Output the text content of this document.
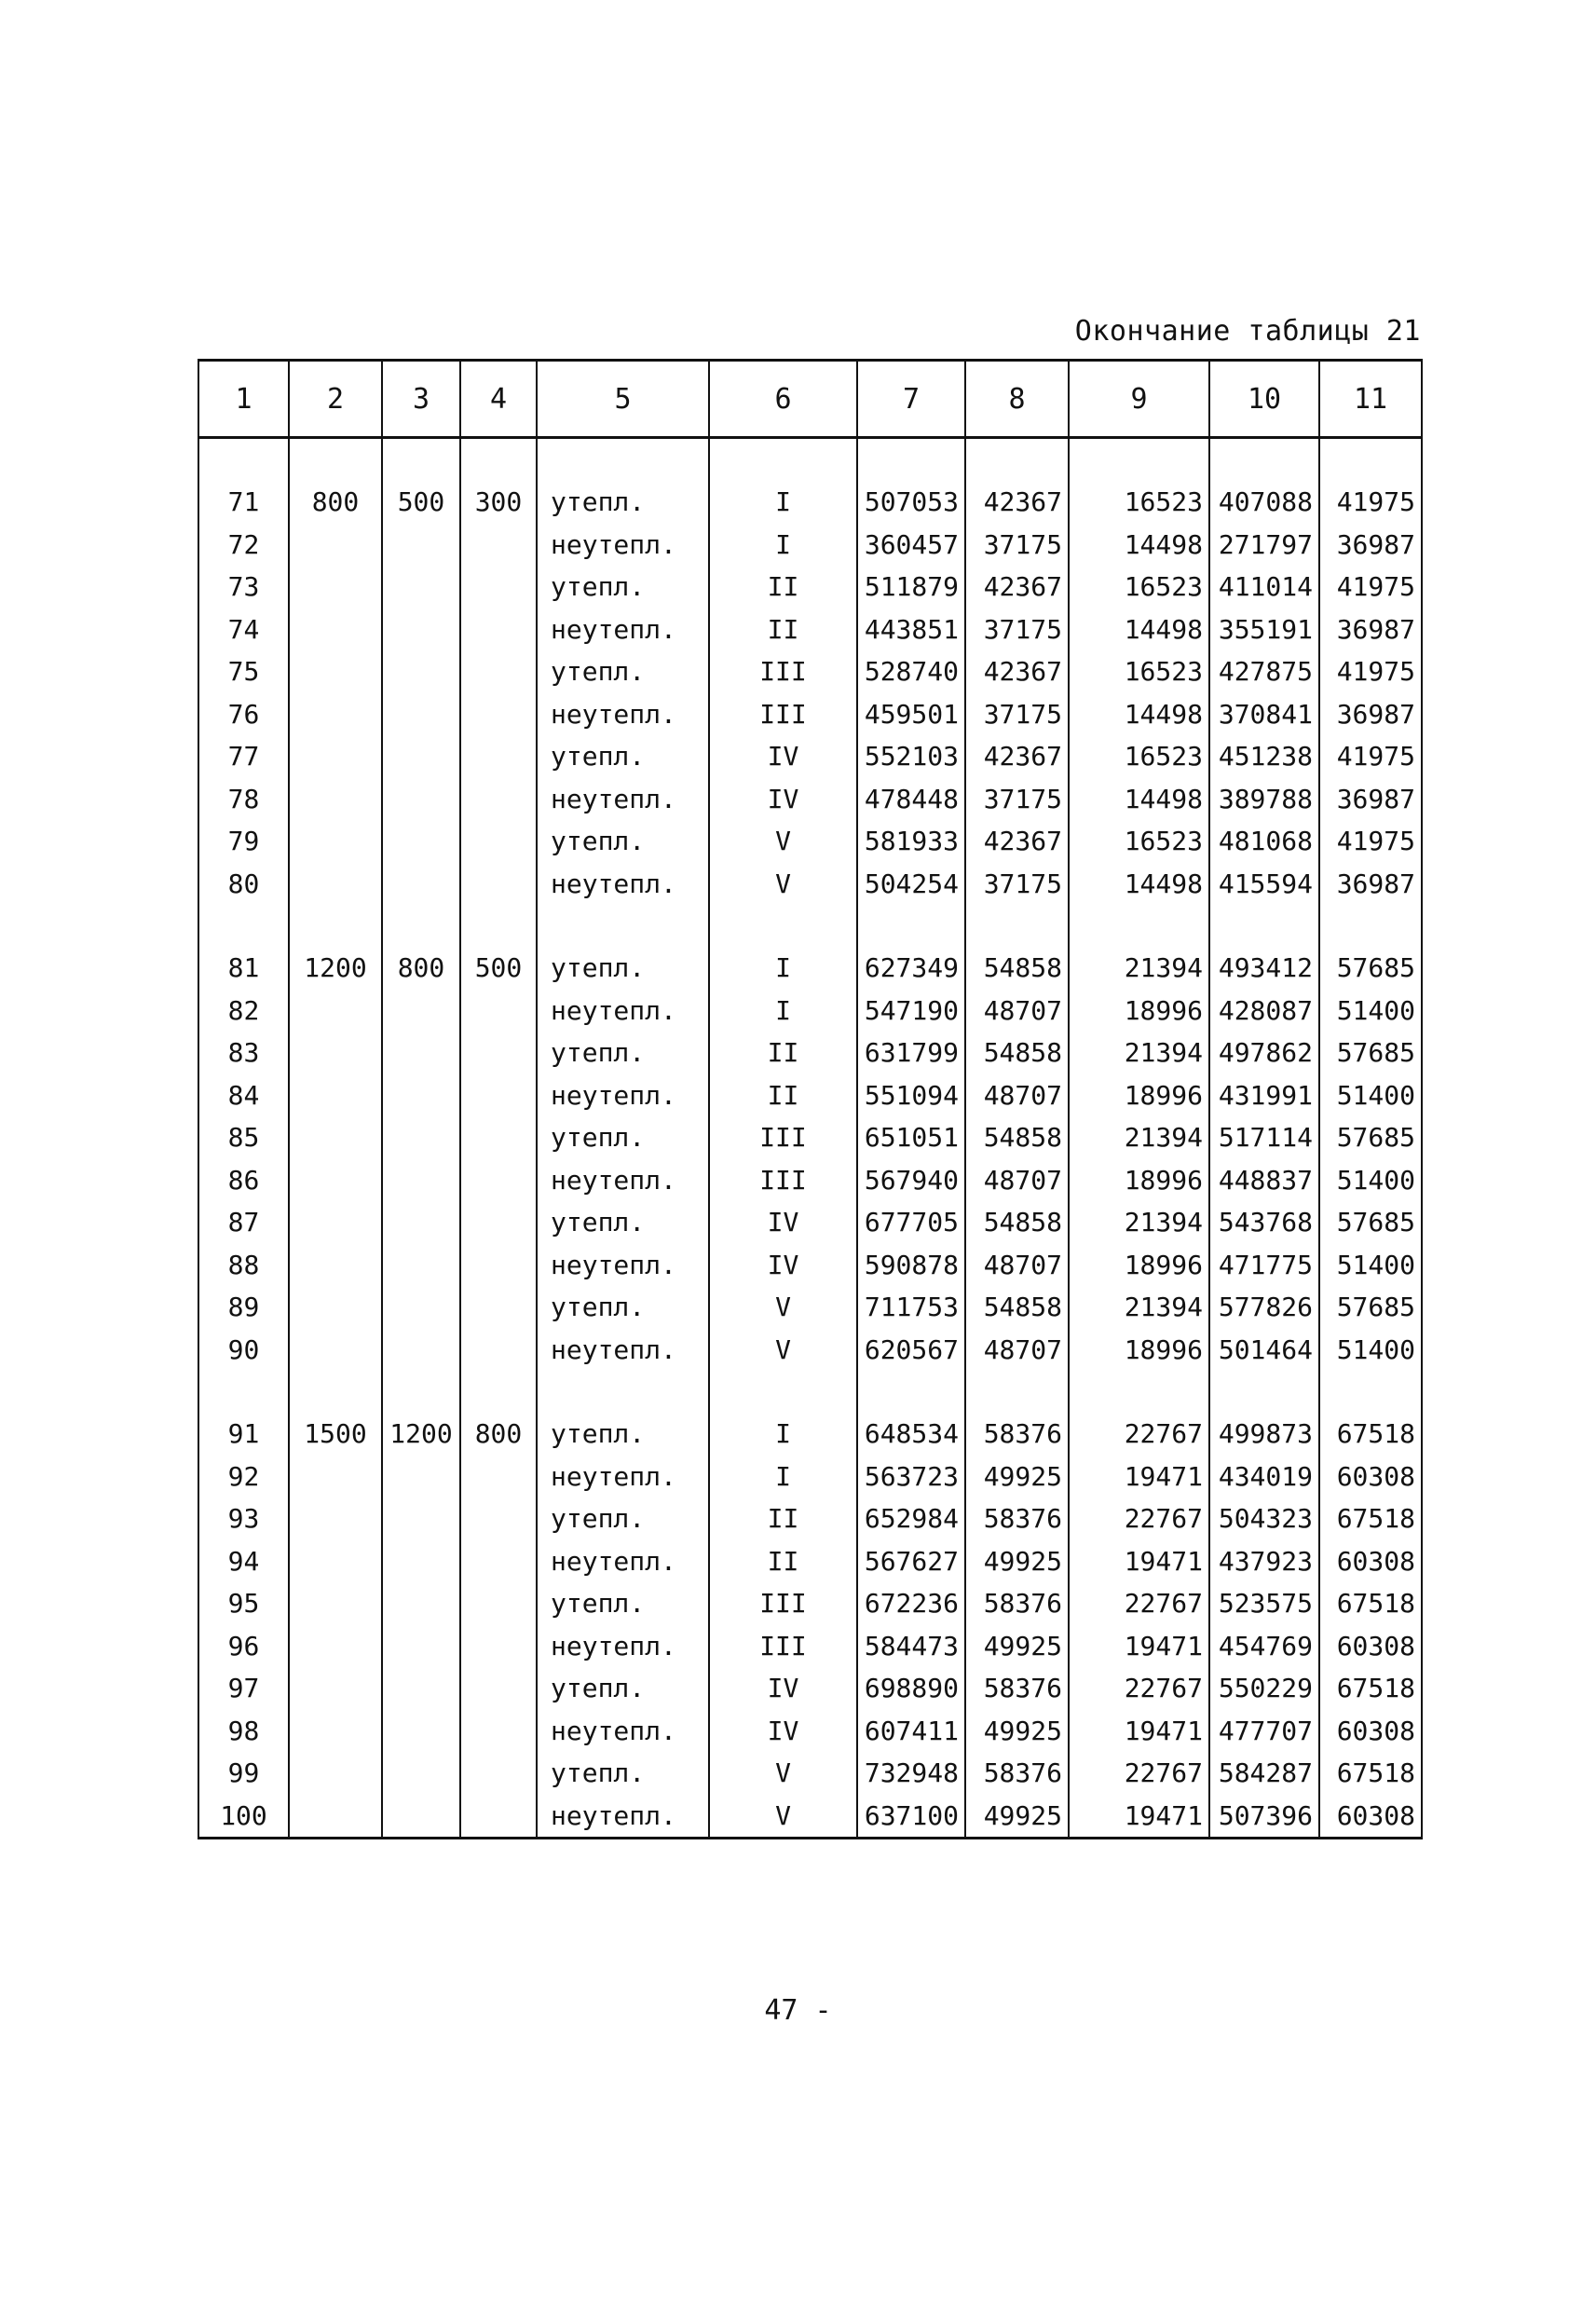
Окончание таблицы 21
1	2	3	4	5	6	7	8	9	10	11

71	800	500	300	утепл.	I	507053	42367	16523	407088	41975
72				неутепл.	I	360457	37175	14498	271797	36987
73				утепл.	II	511879	42367	16523	411014	41975
74				неутепл.	II	443851	37175	14498	355191	36987
75				утепл.	III	528740	42367	16523	427875	41975
76				неутепл.	III	459501	37175	14498	370841	36987
77				утепл.	IV	552103	42367	16523	451238	41975
78				неутепл.	IV	478448	37175	14498	389788	36987
79				утепл.	V	581933	42367	16523	481068	41975
80				неутепл.	V	504254	37175	14498	415594	36987

81	1200	800	500	утепл.	I	627349	54858	21394	493412	57685
82				неутепл.	I	547190	48707	18996	428087	51400
83				утепл.	II	631799	54858	21394	497862	57685
84				неутепл.	II	551094	48707	18996	431991	51400
85				утепл.	III	651051	54858	21394	517114	57685
86				неутепл.	III	567940	48707	18996	448837	51400
87				утепл.	IV	677705	54858	21394	543768	57685
88				неутепл.	IV	590878	48707	18996	471775	51400
89				утепл.	V	711753	54858	21394	577826	57685
90				неутепл.	V	620567	48707	18996	501464	51400

91	1500	1200	800	утепл.	I	648534	58376	22767	499873	67518
92				неутепл.	I	563723	49925	19471	434019	60308
93				утепл.	II	652984	58376	22767	504323	67518
94				неутепл.	II	567627	49925	19471	437923	60308
95				утепл.	III	672236	58376	22767	523575	67518
96				неутепл.	III	584473	49925	19471	454769	60308
97				утепл.	IV	698890	58376	22767	550229	67518
98				неутепл.	IV	607411	49925	19471	477707	60308
99				утепл.	V	732948	58376	22767	584287	67518
100				неутепл.	V	637100	49925	19471	507396	60308
47 -
